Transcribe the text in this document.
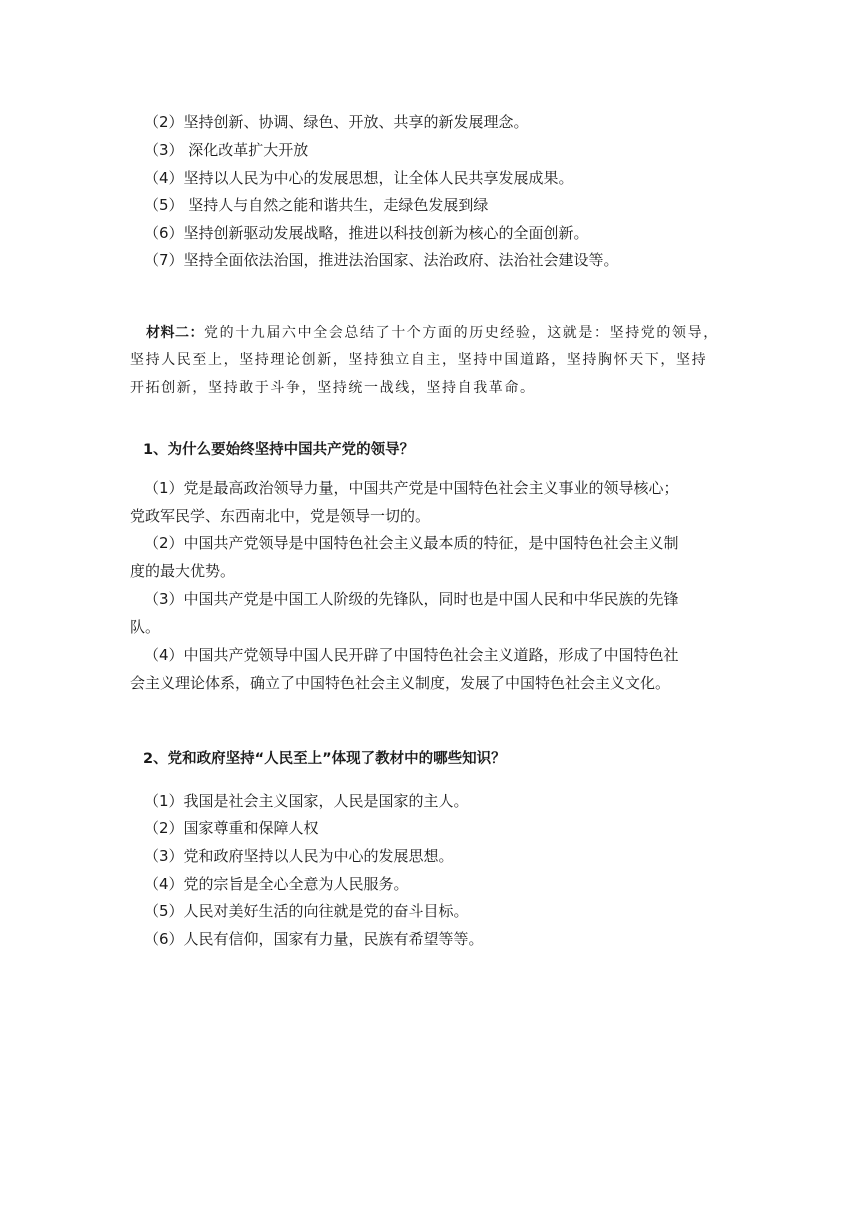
（2）坚持创新、协调、绿色、开放、共享的新发展理念。
（3） 深化改革扩大开放
（4）坚持以人民为中心的发展思想，让全体人民共享发展成果。
（5） 坚持人与自然之能和谐共生，走绿色发展到绿
（6）坚持创新驱动发展战略，推进以科技创新为核心的全面创新。
（7）坚持全面依法治国，推进法治国家、法治政府、法治社会建设等。
材料二：党的十九届六中全会总结了十个方面的历史经验，这就是：坚持党的领导，
坚持人民至上，坚持理论创新，坚持独立自主，坚持中国道路，坚持胸怀天下，坚持
开拓创新，坚持敢于斗争，坚持统一战线，坚持自我革命。
1、为什么要始终坚持中国共产党的领导？
（1）党是最高政治领导力量，中国共产党是中国特色社会主义事业的领导核心；
党政军民学、东西南北中，党是领导一切的。
（2）中国共产党领导是中国特色社会主义最本质的特征，是中国特色社会主义制
度的最大优势。
（3）中国共产党是中国工人阶级的先锋队，同时也是中国人民和中华民族的先锋
队。
（4）中国共产党领导中国人民开辟了中国特色社会主义道路，形成了中国特色社
会主义理论体系，确立了中国特色社会主义制度，发展了中国特色社会主义文化。
2、党和政府坚持“人民至上”体现了教材中的哪些知识？
（1）我国是社会主义国家，人民是国家的主人。
（2）国家尊重和保障人权
（3）党和政府坚持以人民为中心的发展思想。
（4）党的宗旨是全心全意为人民服务。
（5）人民对美好生活的向往就是党的奋斗目标。
（6）人民有信仰，国家有力量，民族有希望等等。
